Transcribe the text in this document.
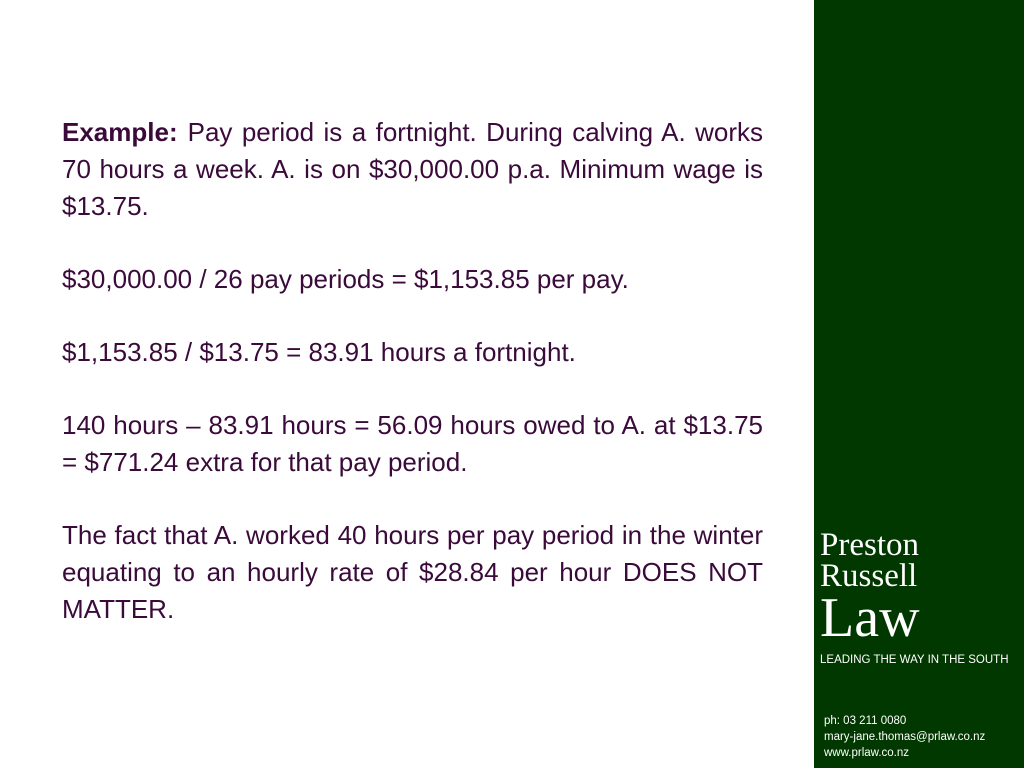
Example: Pay period is a fortnight. During calving A. works 70 hours a week. A. is on $30,000.00 p.a. Minimum wage is $13.75.

$30,000.00 / 26 pay periods = $1,153.85 per pay.

$1,153.85 / $13.75 = 83.91 hours a fortnight.

140 hours – 83.91 hours = 56.09 hours owed to A. at $13.75 = $771.24 extra for that pay period.

The fact that A. worked 40 hours per pay period in the winter equating to an hourly rate of $28.84 per hour DOES NOT MATTER.

Preston
Russell
Law
LEADING THE WAY IN THE SOUTH
ph: 03 211 0080
mary-jane.thomas@prlaw.co.nz
www.prlaw.co.nz
